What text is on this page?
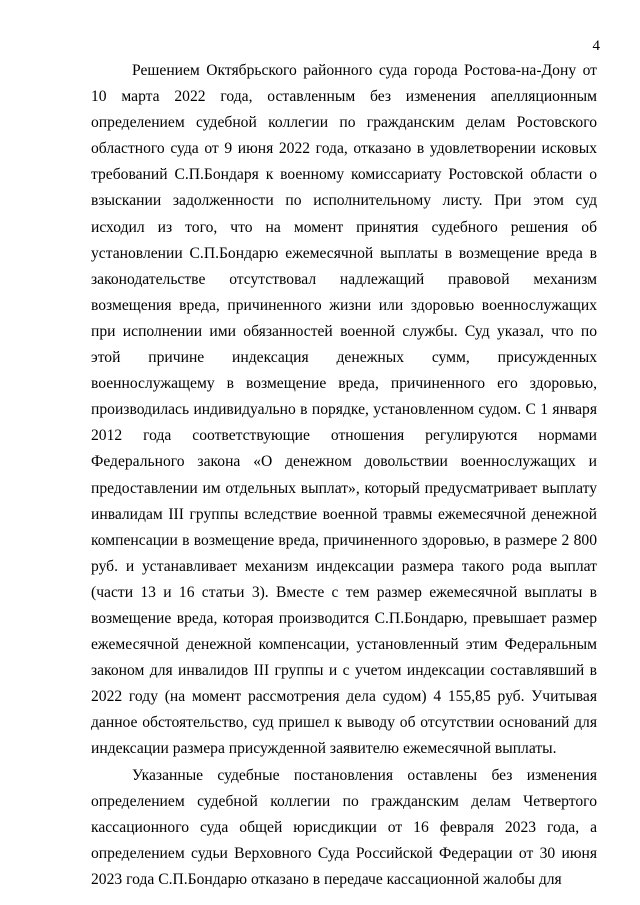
4

Решением Октябрьского районного суда города Ростова-на-Дону от 10 марта 2022 года, оставленным без изменения апелляционным определением судебной коллегии по гражданским делам Ростовского областного суда от 9 июня 2022 года, отказано в удовлетворении исковых требований С.П.Бондаря к военному комиссариату Ростовской области о взыскании задолженности по исполнительному листу. При этом суд исходил из того, что на момент принятия судебного решения об установлении С.П.Бондарю ежемесячной выплаты в возмещение вреда в законодательстве отсутствовал надлежащий правовой механизм возмещения вреда, причиненного жизни или здоровью военнослужащих при исполнении ими обязанностей военной службы. Суд указал, что по этой причине индексация денежных сумм, присужденных военнослужащему в возмещение вреда, причиненного его здоровью, производилась индивидуально в порядке, установленном судом. С 1 января 2012 года соответствующие отношения регулируются нормами Федерального закона «О денежном довольствии военнослужащих и предоставлении им отдельных выплат», который предусматривает выплату инвалидам III группы вследствие военной травмы ежемесячной денежной компенсации в возмещение вреда, причиненного здоровью, в размере 2 800 руб. и устанавливает механизм индексации размера такого рода выплат (части 13 и 16 статьи 3). Вместе с тем размер ежемесячной выплаты в возмещение вреда, которая производится С.П.Бондарю, превышает размер ежемесячной денежной компенсации, установленный этим Федеральным законом для инвалидов III группы и с учетом индексации составлявший в 2022 году (на момент рассмотрения дела судом) 4 155,85 руб. Учитывая данное обстоятельство, суд пришел к выводу об отсутствии оснований для индексации размера присужденной заявителю ежемесячной выплаты.

Указанные судебные постановления оставлены без изменения определением судебной коллегии по гражданским делам Четвертого кассационного суда общей юрисдикции от 16 февраля 2023 года, а определением судьи Верховного Суда Российской Федерации от 30 июня 2023 года С.П.Бондарю отказано в передаче кассационной жалобы для
